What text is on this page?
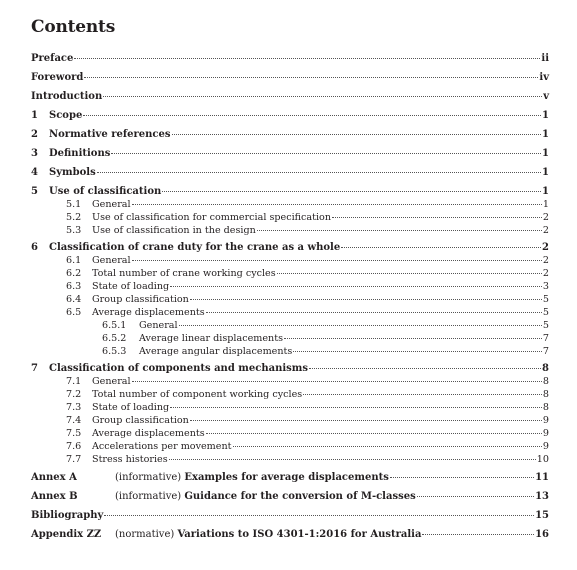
Contents
Preface	ii
Foreword	iv
Introduction	v
1	Scope	1
2	Normative references	1
3	Definitions	1
4	Symbols	1
5	Use of classification	1
5.1	General	1
5.2	Use of classification for commercial specification	2
5.3	Use of classification in the design	2
6	Classification of crane duty for the crane as a whole	2
6.1	General	2
6.2	Total number of crane working cycles	2
6.3	State of loading	3
6.4	Group classification	5
6.5	Average displacements	5
6.5.1	General	5
6.5.2	Average linear displacements	7
6.5.3	Average angular displacements	7
7	Classification of components and mechanisms	8
7.1	General	8
7.2	Total number of component working cycles	8
7.3	State of loading	8
7.4	Group classification	9
7.5	Average displacements	9
7.6	Accelerations per movement	9
7.7	Stress histories	10
Annex A	(informative) Examples for average displacements	11
Annex B	(informative) Guidance for the conversion of M-classes	13
Bibliography	15
Appendix ZZ	(normative) Variations to ISO 4301-1:2016 for Australia	16
